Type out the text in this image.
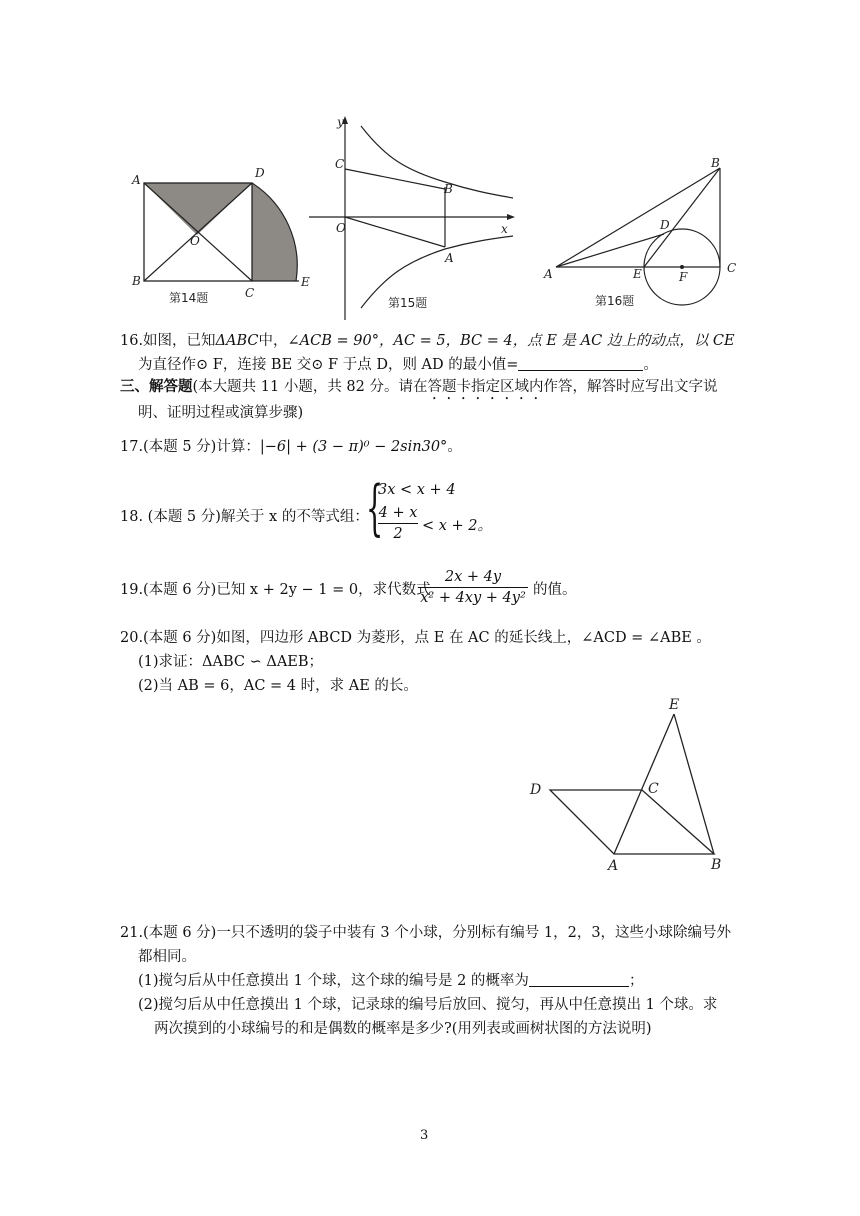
A
B
C
D
E
O
第14题
y
x
C
B
O
A
第15题
A
B
C
D
E	F
第16题
16.如图，已知ΔABC中，∠ACB = 90°，AC = 5，BC = 4，点 E 是 AC 边上的动点，以 CE
为直径作⊙ F，连接 BE 交⊙ F 于点 D，则 AD 的最小值=	。
三、解答题(本大题共 11 小题，共 82 分。请在答题卡指定区域内作答，解答时应写出文字说
明、证明过程或演算步骤)
17.(本题 5 分)计算：|−6| + (3 − π)⁰ − 2sin30°。
18. (本题 5 分)解关于 x 的不等式组：
{
3x < x + 4
4 + x
2	< x + 2。
19.(本题 6 分)已知 x + 2y − 1 = 0，求代数式
2x + 4y
x² + 4xy + 4y² 的值。
20.(本题 6 分)如图，四边形 ABCD 为菱形，点 E 在 AC 的延长线上，∠ACD = ∠ABE 。
(1)求证：ΔABC ∽ ΔAEB；
(2)当 AB = 6，AC = 4 时，求 AE 的长。
E
D	C
A	B
21.(本题 6 分)一只不透明的袋子中装有 3 个小球，分别标有编号 1，2，3，这些小球除编号外
都相同。
(1)搅匀后从中任意摸出 1 个球，这个球的编号是 2 的概率为	；
(2)搅匀后从中任意摸出 1 个球，记录球的编号后放回、搅匀，再从中任意摸出 1 个球。求
两次摸到的小球编号的和是偶数的概率是多少?(用列表或画树状图的方法说明)
3
